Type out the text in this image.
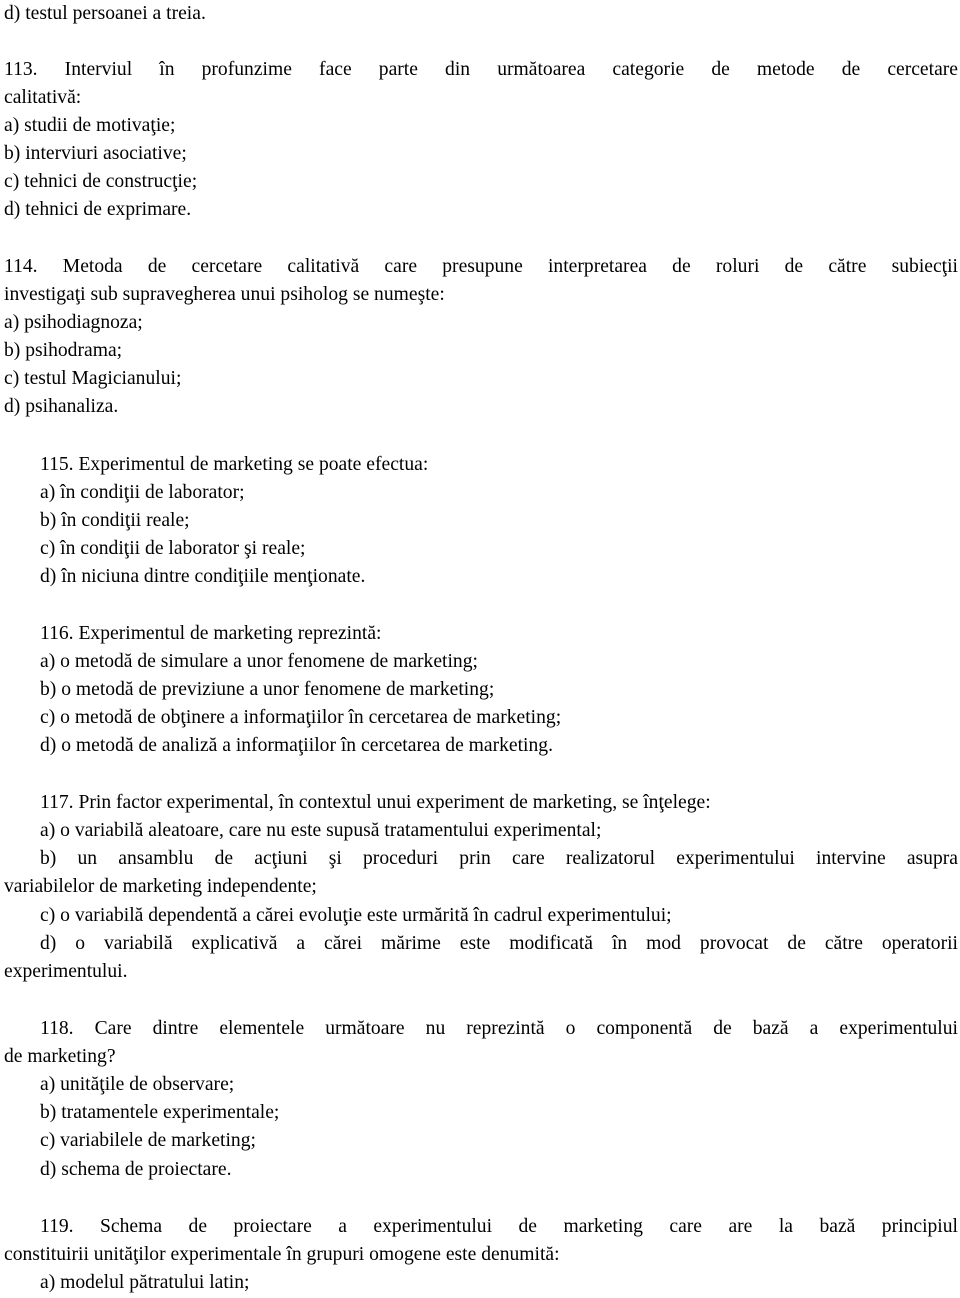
d) testul persoanei a treia.
113. Interviul în profunzime face parte din următoarea categorie de metode de cercetare
calitativă:
a) studii de motivaţie;
b) interviuri asociative;
c) tehnici de construcţie;
d) tehnici de exprimare.
114. Metoda de cercetare calitativă care presupune interpretarea de roluri de către subiecţii
investigaţi sub supravegherea unui psiholog se numeşte:
a) psihodiagnoza;
b) psihodrama;
c) testul Magicianului;
d) psihanaliza.
115. Experimentul de marketing se poate efectua:
a) în condiţii de laborator;
b) în condiţii reale;
c) în condiţii de laborator şi reale;
d) în niciuna dintre condiţiile menţionate.
116. Experimentul de marketing reprezintă:
a) o metodă de simulare a unor fenomene de marketing;
b) o metodă de previziune a unor fenomene de marketing;
c) o metodă de obţinere a informaţiilor în cercetarea de marketing;
d) o metodă de analiză a informaţiilor în cercetarea de marketing.
117. Prin factor experimental, în contextul unui experiment de marketing, se înţelege:
a) o variabilă aleatoare, care nu este supusă tratamentului experimental;
b) un ansamblu de acţiuni şi proceduri prin care realizatorul experimentului intervine asupra
variabilelor de marketing independente;
c) o variabilă dependentă a cărei evoluţie este urmărită în cadrul experimentului;
d) o variabilă explicativă a cărei mărime este modificată în mod provocat de către operatorii
experimentului.
118. Care dintre elementele următoare nu reprezintă o componentă de bază a experimentului
de marketing?
a) unităţile de observare;
b) tratamentele experimentale;
c) variabilele de marketing;
d) schema de proiectare.
119. Schema de proiectare a experimentului de marketing care are la bază principiul
constituirii unităţilor experimentale în grupuri omogene este denumită:
a) modelul pătratului latin;
